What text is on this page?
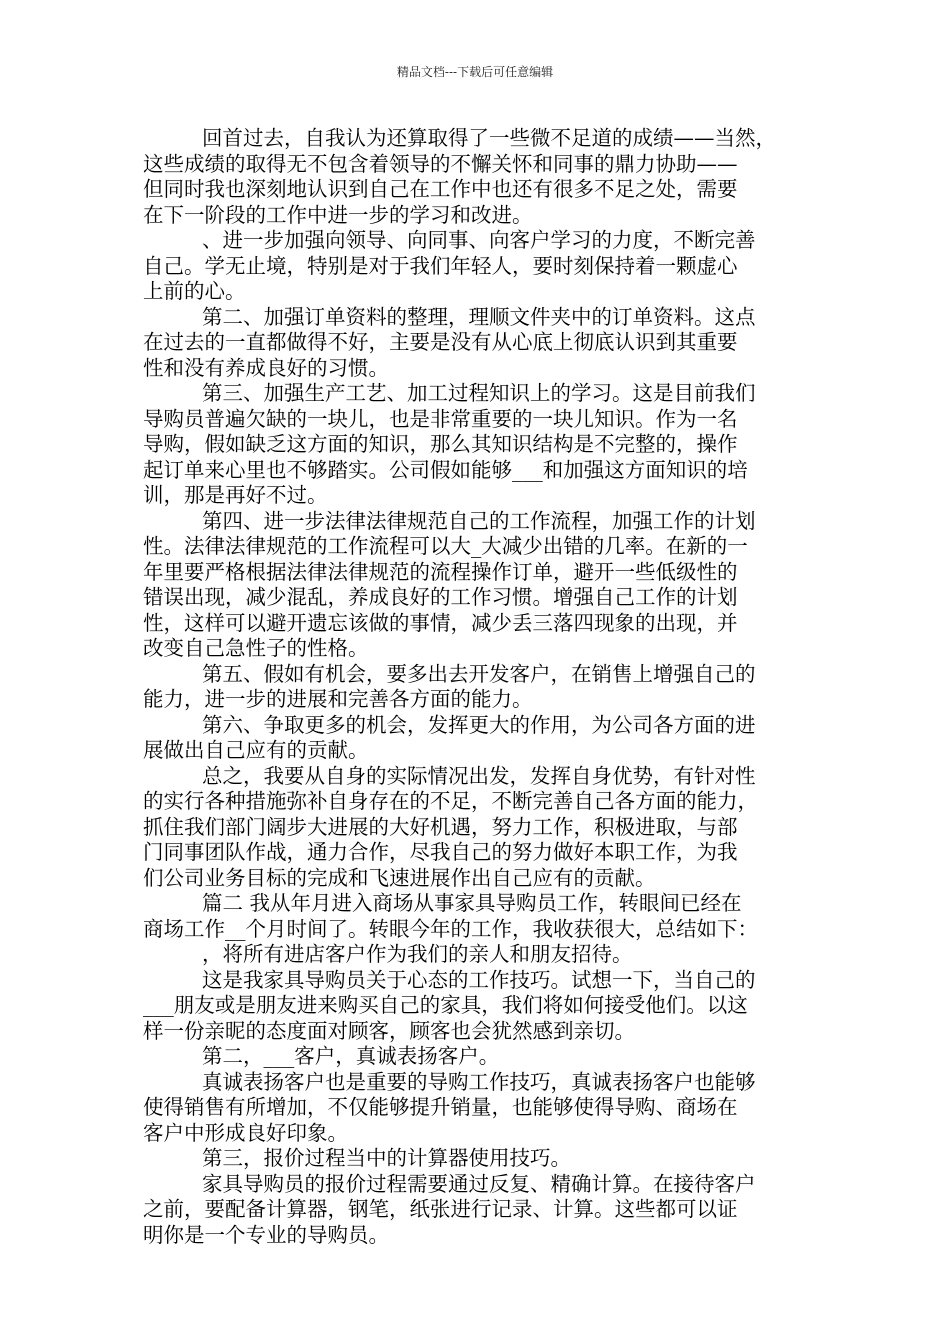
精品文档---下载后可任意编辑
回首过去，自我认为还算取得了一些微不足道的成绩——当然，
这些成绩的取得无不包含着领导的不懈关怀和同事的鼎力协助——
但同时我也深刻地认识到自己在工作中也还有很多不足之处，需要
在下一阶段的工作中进一步的学习和改进。
、进一步加强向领导、向同事、向客户学习的力度，不断完善
自己。学无止境，特别是对于我们年轻人，要时刻保持着一颗虚心
上前的心。
第二、加强订单资料的整理，理顺文件夹中的订单资料。这点
在过去的一直都做得不好，主要是没有从心底上彻底认识到其重要
性和没有养成良好的习惯。
第三、加强生产工艺、加工过程知识上的学习。这是目前我们
导购员普遍欠缺的一块儿，也是非常重要的一块儿知识。作为一名
导购，假如缺乏这方面的知识，那么其知识结构是不完整的，操作
起订单来心里也不够踏实。公司假如能够___和加强这方面知识的培
训，那是再好不过。
第四、进一步法律法律规范自己的工作流程，加强工作的计划
性。法律法律规范的工作流程可以大_大减少出错的几率。在新的一
年里要严格根据法律法律规范的流程操作订单，避开一些低级性的
错误出现，减少混乱，养成良好的工作习惯。增强自己工作的计划
性，这样可以避开遗忘该做的事情，减少丢三落四现象的出现，并
改变自己急性子的性格。
第五、假如有机会，要多出去开发客户，在销售上增强自己的
能力，进一步的进展和完善各方面的能力。
第六、争取更多的机会，发挥更大的作用，为公司各方面的进
展做出自己应有的贡献。
总之，我要从自身的实际情况出发，发挥自身优势，有针对性
的实行各种措施弥补自身存在的不足，不断完善自己各方面的能力，
抓住我们部门阔步大进展的大好机遇，努力工作，积极进取，与部
门同事团队作战，通力合作，尽我自己的努力做好本职工作，为我
们公司业务目标的完成和飞速进展作出自己应有的贡献。
篇二 我从年月进入商场从事家具导购员工作，转眼间已经在
商场工作__个月时间了。转眼今年的工作，我收获很大，总结如下：
，将所有进店客户作为我们的亲人和朋友招待。
这是我家具导购员关于心态的工作技巧。试想一下，当自己的
___朋友或是朋友进来购买自己的家具，我们将如何接受他们。以这
样一份亲昵的态度面对顾客，顾客也会犹然感到亲切。
第二，___客户，真诚表扬客户。
真诚表扬客户也是重要的导购工作技巧，真诚表扬客户也能够
使得销售有所增加，不仅能够提升销量，也能够使得导购、商场在
客户中形成良好印象。
第三，报价过程当中的计算器使用技巧。
家具导购员的报价过程需要通过反复、精确计算。在接待客户
之前，要配备计算器，钢笔，纸张进行记录、计算。这些都可以证
明你是一个专业的导购员。
